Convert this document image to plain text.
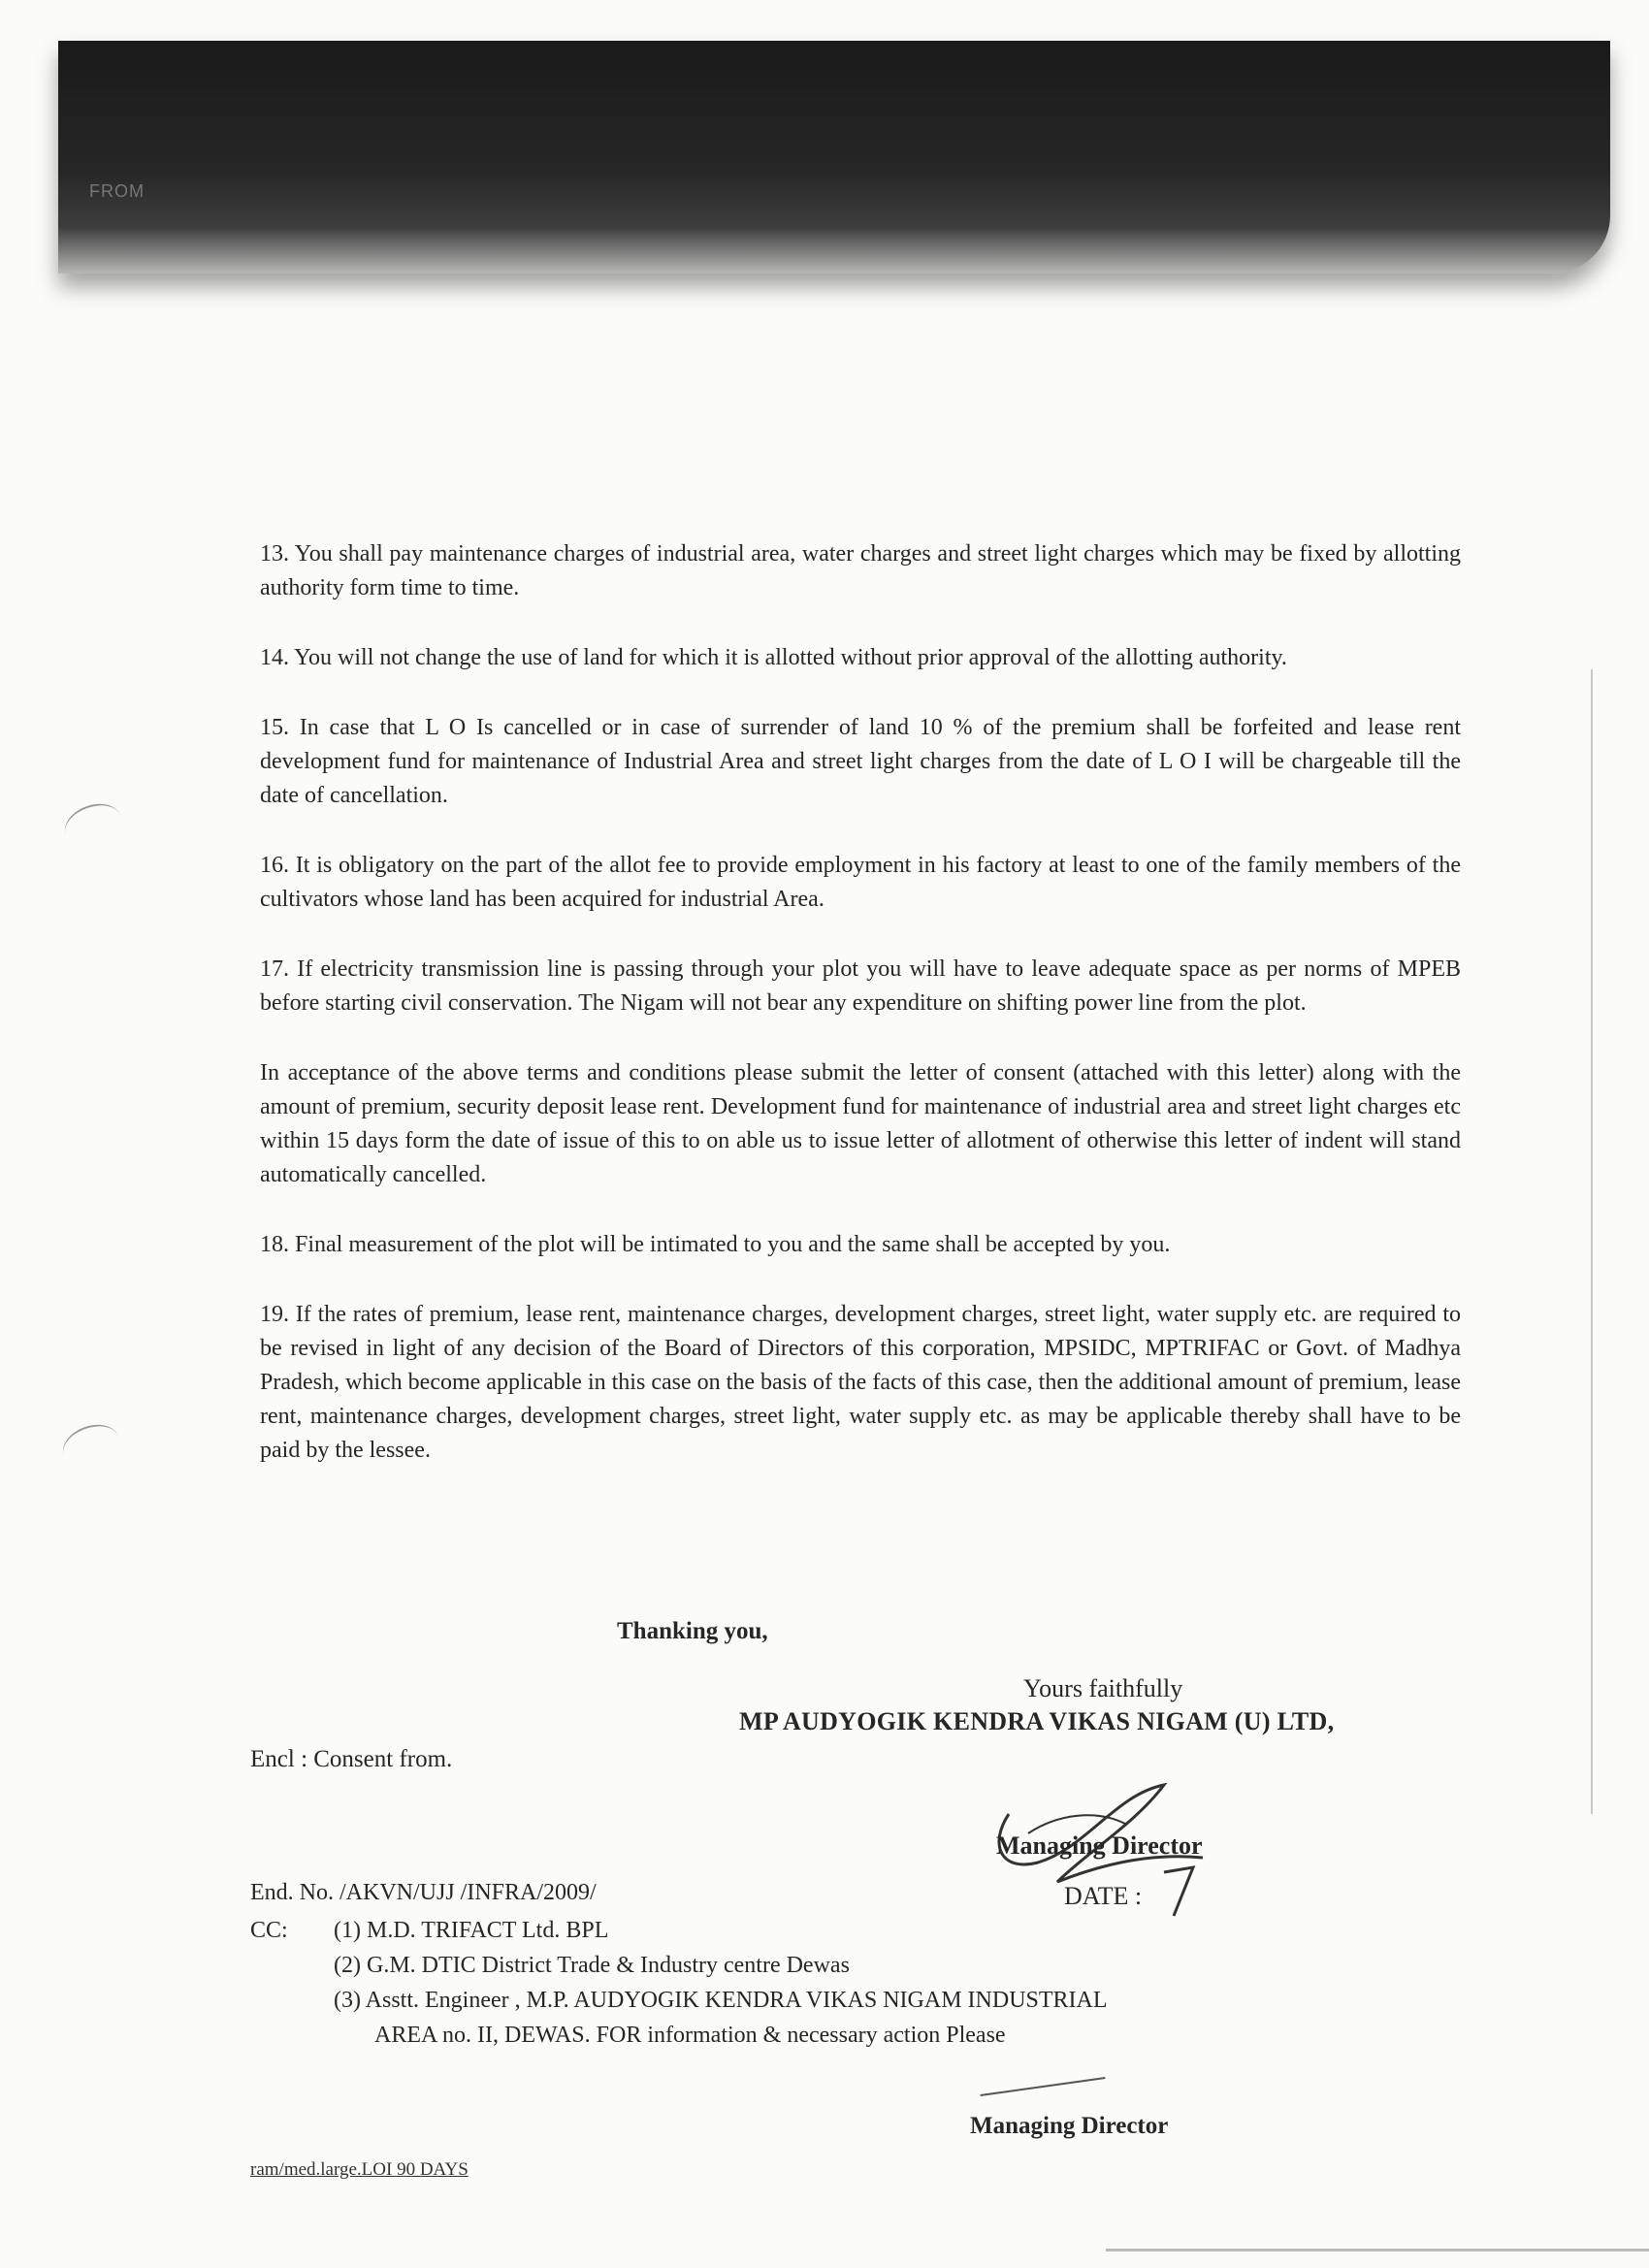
FROM

13. You shall pay maintenance charges of industrial area, water charges and street light charges which may be fixed by allotting authority form time to time.

14. You will not change the use of land for which it is allotted without prior approval of the allotting authority.

15. In case that L O Is cancelled or in case of surrender of land 10 % of the premium shall be forfeited and lease rent development fund for maintenance of Industrial Area and street light charges from the date of L O I will be chargeable till the date of cancellation.

16. It is obligatory on the part of the allot fee to provide employment in his factory at least to one of the family members of the cultivators whose land has been acquired for industrial Area.

17. If electricity transmission line is passing through your plot you will have to leave adequate space as per norms of MPEB before starting civil conservation. The Nigam will not bear any expenditure on shifting power line from the plot.

In acceptance of the above terms and conditions please submit the letter of consent (attached with this letter) along with the amount of premium, security deposit lease rent. Development fund for maintenance of industrial area and street light charges etc within 15 days form the date of issue of this to on able us to issue letter of allotment of otherwise this letter of indent will stand automatically cancelled.

18. Final measurement of the plot will be intimated to you and the same shall be accepted by you.

19. If the rates of premium, lease rent, maintenance charges, development charges, street light, water supply etc. are required to be revised in light of any decision of the Board of Directors of this corporation, MPSIDC, MPTRIFAC or Govt. of Madhya Pradesh, which become applicable in this case on the basis of the facts of this case, then the additional amount of premium, lease rent, maintenance charges, development charges, street light, water supply etc. as may be applicable thereby shall have to be paid by the lessee.

Thanking you,
Yours faithfully
MP AUDYOGIK KENDRA VIKAS NIGAM (U) LTD,
Encl : Consent from.
Managing Director
DATE :
End. No. /AKVN/UJJ /INFRA/2009/
CC:	(1) M.D. TRIFACT Ltd. BPL
(2) G.M. DTIC District Trade & Industry centre Dewas
(3) Asstt. Engineer , M.P. AUDYOGIK KENDRA VIKAS NIGAM INDUSTRIAL
AREA no. II, DEWAS. FOR information & necessary action Please
Managing Director
ram/med.large.LOI 90 DAYS
